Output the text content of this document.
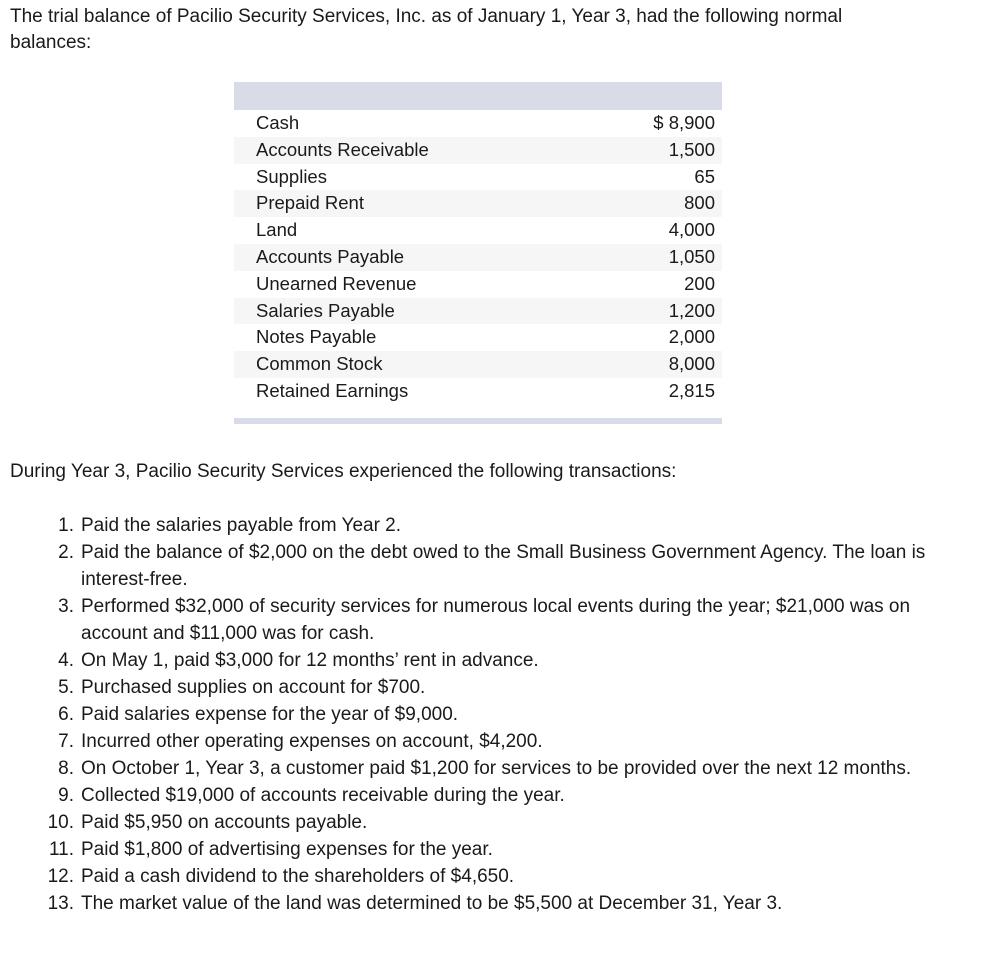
The trial balance of Pacilio Security Services, Inc. as of January 1, Year 3, had the following normal balances:

Cash	$ 8,900
Accounts Receivable	1,500
Supplies	65
Prepaid Rent	800
Land	4,000
Accounts Payable	1,050
Unearned Revenue	200
Salaries Payable	1,200
Notes Payable	2,000
Common Stock	8,000
Retained Earnings	2,815

During Year 3, Pacilio Security Services experienced the following transactions:

1. Paid the salaries payable from Year 2.
2. Paid the balance of $2,000 on the debt owed to the Small Business Government Agency. The loan is interest-free.
3. Performed $32,000 of security services for numerous local events during the year; $21,000 was on account and $11,000 was for cash.
4. On May 1, paid $3,000 for 12 months’ rent in advance.
5. Purchased supplies on account for $700.
6. Paid salaries expense for the year of $9,000.
7. Incurred other operating expenses on account, $4,200.
8. On October 1, Year 3, a customer paid $1,200 for services to be provided over the next 12 months.
9. Collected $19,000 of accounts receivable during the year.
10. Paid $5,950 on accounts payable.
11. Paid $1,800 of advertising expenses for the year.
12. Paid a cash dividend to the shareholders of $4,650.
13. The market value of the land was determined to be $5,500 at December 31, Year 3.
